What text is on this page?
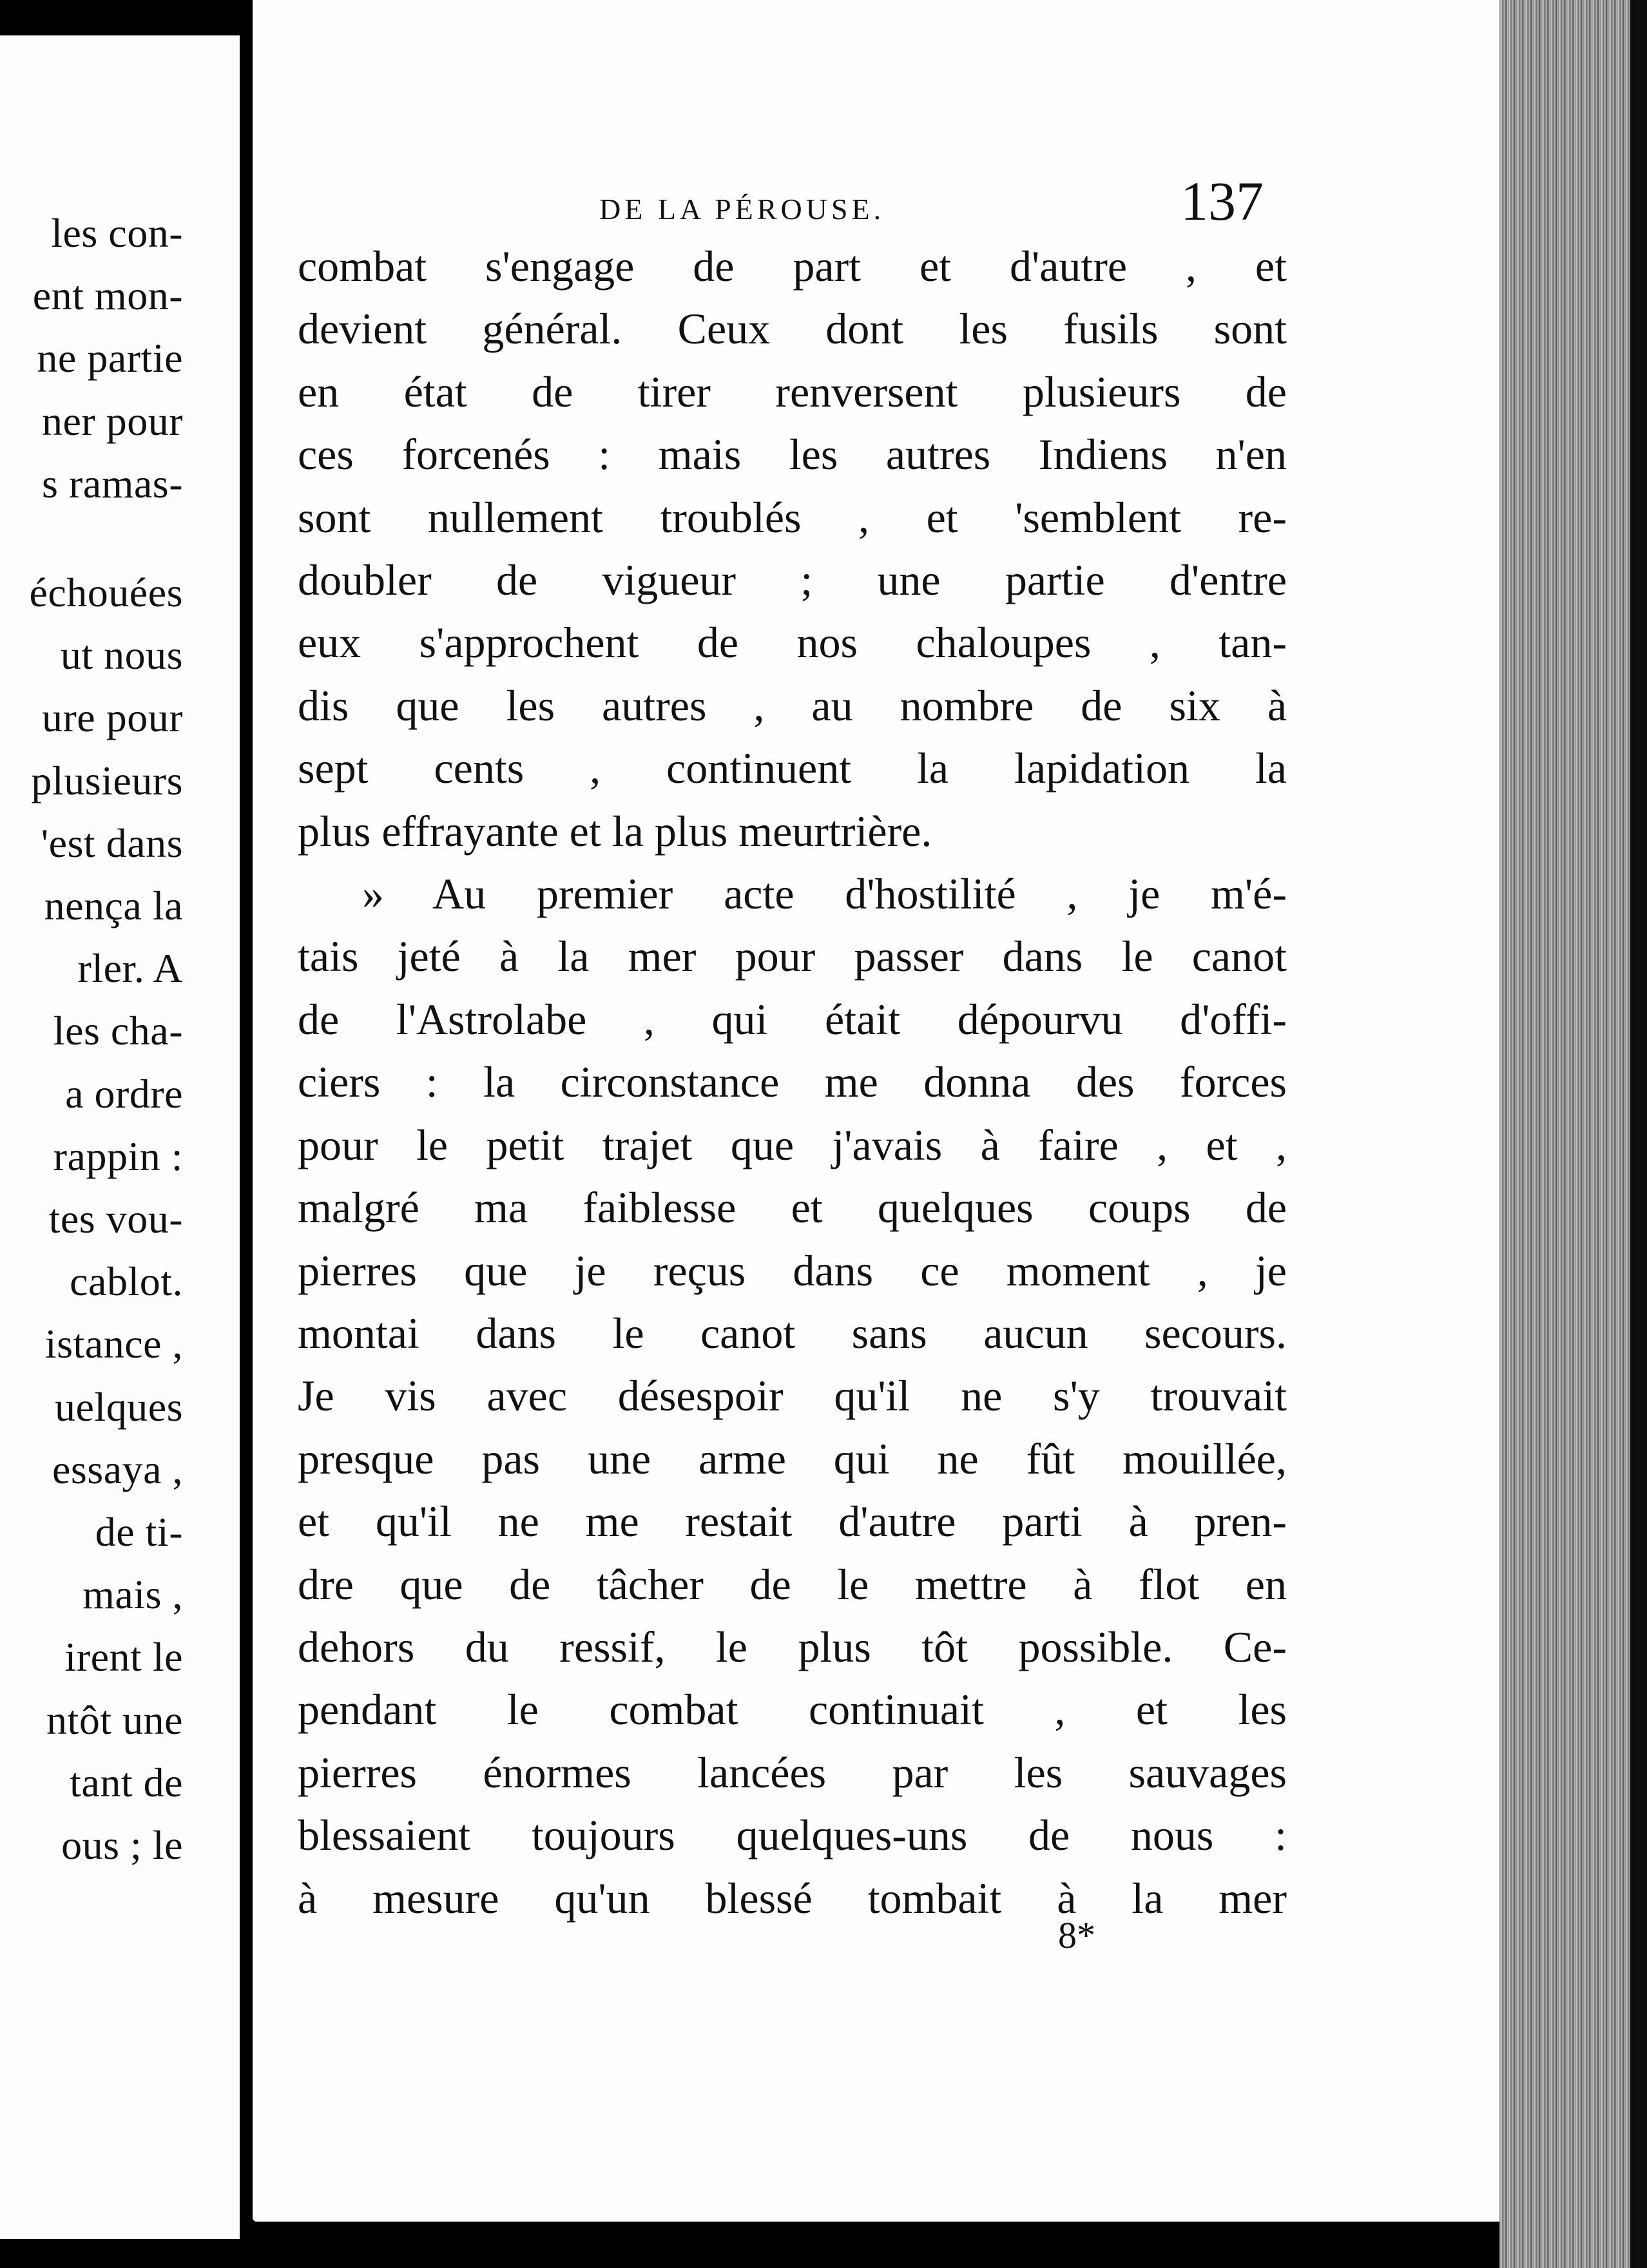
les con-
ent mon-
ne partie
ner pour
s ramas-
échouées
ut nous
ure pour
plusieurs
'est dans
nença la
rler. A
les cha-
a ordre
rappin :
tes vou-
cablot.
istance ,
uelques
essaya ,
de ti-
mais ,
irent le
ntôt une
tant de
ous ; le
DE LA PÉROUSE.	137

combat s'engage de part et d'autre , et
devient général. Ceux dont les fusils sont
en état de tirer renversent plusieurs de
ces forcenés : mais les autres Indiens n'en
sont nullement troublés , et 'semblent re-
doubler de vigueur ; une partie d'entre
eux s'approchent de nos chaloupes , tan-
dis que les autres , au nombre de six à
sept cents , continuent la lapidation la
plus effrayante et la plus meurtrière.

» Au premier acte d'hostilité , je m'é-
tais jeté à la mer pour passer dans le canot
de l'Astrolabe , qui était dépourvu d'offi-
ciers : la circonstance me donna des forces
pour le petit trajet que j'avais à faire , et ,
malgré ma faiblesse et quelques coups de
pierres que je reçus dans ce moment , je
montai dans le canot sans aucun secours.
Je vis avec désespoir qu'il ne s'y trouvait
presque pas une arme qui ne fût mouillée,
et qu'il ne me restait d'autre parti à pren-
dre que de tâcher de le mettre à flot en
dehors du ressif, le plus tôt possible. Ce-
pendant le combat continuait , et les
pierres énormes lancées par les sauvages
blessaient toujours quelques-uns de nous :
à mesure qu'un blessé tombait à la mer

8*
